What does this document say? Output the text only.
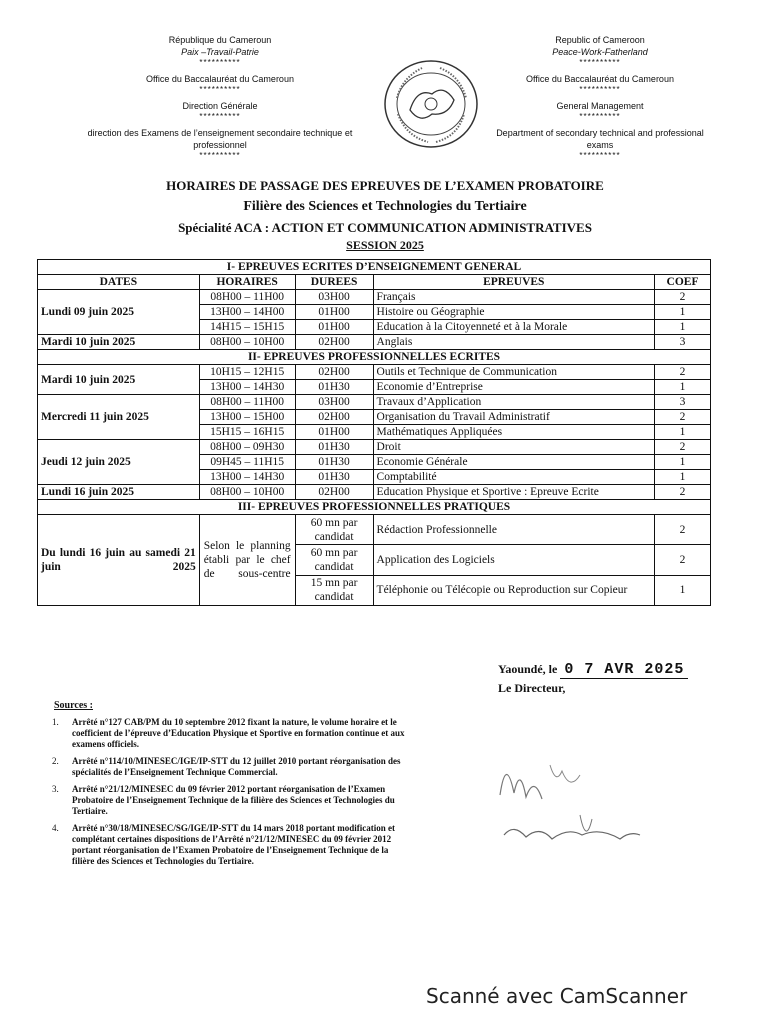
République du Cameroun
Paix –Travail-Patrie
**********
Office du Baccalauréat du Cameroun
**********
Direction Générale
**********
direction des Examens de l’enseignement secondaire technique et professionnel
**********
Republic of Cameroon
Peace-Work-Fatherland
**********
Office du Baccalauréat du Cameroun
**********
General Management
**********
Department of secondary technical and professional exams
**********
HORAIRES DE PASSAGE DES EPREUVES DE L’EXAMEN PROBATOIRE
Filière des Sciences et Technologies du Tertiaire
Spécialité ACA : ACTION ET COMMUNICATION ADMINISTRATIVES
SESSION 2025
I- EPREUVES ECRITES D’ENSEIGNEMENT GENERAL				
DATES	HORAIRES	DUREES	EPREUVES	COEF
Lundi 09 juin 2025	08H00 – 11H00	03H00	Français	2
	13H00 – 14H00	01H00	Histoire ou Géographie	1
	14H15 – 15H15	01H00	Education à la Citoyenneté et à la Morale	1
Mardi 10 juin 2025	08H00 – 10H00	02H00	Anglais	3
II- EPREUVES PROFESSIONNELLES ECRITES				
Mardi 10 juin 2025	10H15 – 12H15	02H00	Outils et Technique de Communication	2
	13H00 – 14H30	01H30	Economie d’Entreprise	1
Mercredi 11 juin 2025	08H00 – 11H00	03H00	Travaux d’Application	3
	13H00 – 15H00	02H00	Organisation du Travail Administratif	2
	15H15 – 16H15	01H00	Mathématiques Appliquées	1
Jeudi 12 juin 2025	08H00 – 09H30	01H30	Droit	2
	09H45 – 11H15	01H30	Economie Générale	1
	13H00 – 14H30	01H30	Comptabilité	1
Lundi 16 juin 2025	08H00 – 10H00	02H00	Education Physique et Sportive : Epreuve Ecrite	2
III- EPREUVES PROFESSIONNELLES PRATIQUES				
Du lundi 16 juin au samedi 21 juin 2025	Selon le planning établi par le chef de sous-centre	60 mn par candidat	Rédaction Professionnelle	2
		60 mn par candidat	Application des Logiciels	2
		15 mn par candidat	Téléphonie ou Télécopie ou Reproduction sur Copieur	1
Yaoundé, le 0 7 AVR 2025
Le Directeur,
Sources :
1.	Arrêté n°127 CAB/PM du 10 septembre 2012 fixant la nature, le volume horaire et le coefficient de l’épreuve d’Education Physique et Sportive en formation continue et aux examens officiels.
2.	Arrêté n°114/10/MINESEC/IGE/IP-STT du 12 juillet 2010 portant réorganisation des spécialités de l’Enseignement Technique Commercial.
3.	Arrêté n°21/12/MINESEC du 09 février 2012 portant réorganisation de l’Examen Probatoire de l’Enseignement Technique de la filière des Sciences et Technologies du Tertiaire.
4.	Arrêté n°30/18/MINESEC/SG/IGE/IP-STT du 14 mars 2018 portant modification et complétant certaines dispositions de l’Arrêté n°21/12/MINESEC du 09 février 2012 portant réorganisation de l’Examen Probatoire de l’Enseignement Technique de la filière des Sciences et Technologies du Tertiaire.
Scanné avec CamScanner
